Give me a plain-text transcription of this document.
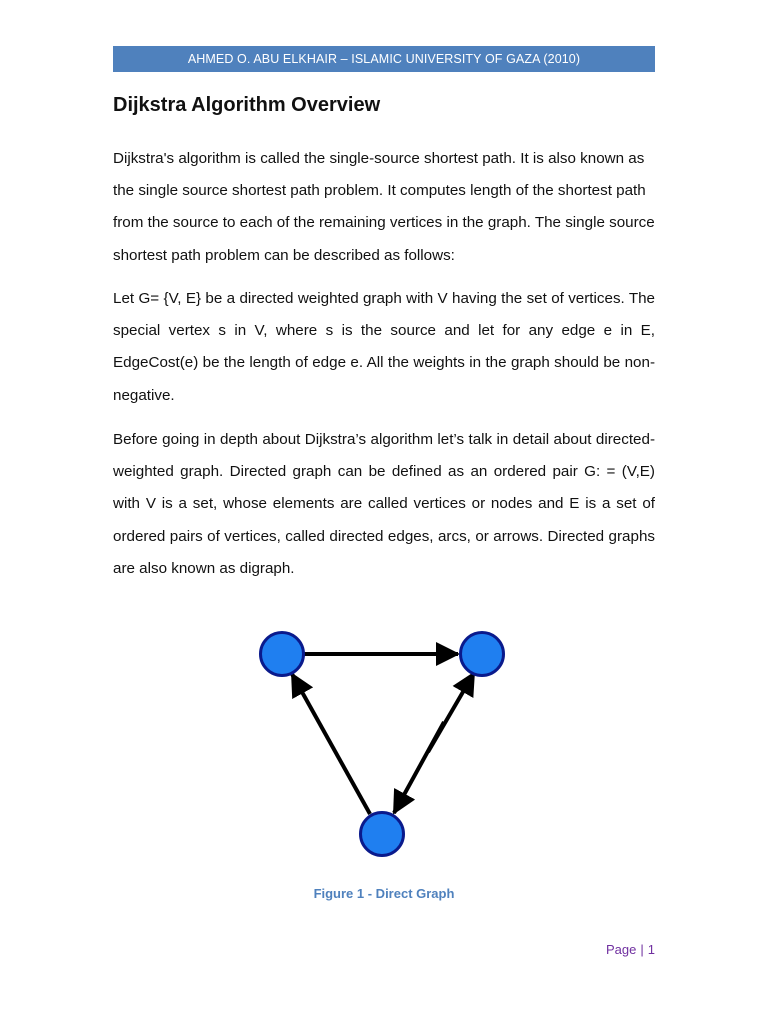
AHMED O. ABU ELKHAIR – ISLAMIC UNIVERSITY OF GAZA (2010)
Dijkstra Algorithm Overview

Dijkstra's algorithm is called the single-source shortest path. It is also known as the single source shortest path problem. It computes length of the shortest path from the source to each of the remaining vertices in the graph. The single source shortest path problem can be described as follows:

Let G= {V, E} be a directed weighted graph with V having the set of vertices. The special vertex s in V, where s is the source and let for any edge e in E, EdgeCost(e) be the length of edge e. All the weights in the graph should be non-negative.

Before going in depth about Dijkstra’s algorithm let’s talk in detail about directed-weighted graph. Directed graph can be defined as an ordered pair G: = (V,E) with V is a set, whose elements are called vertices or nodes and E is a set of ordered pairs of vertices, called directed edges, arcs, or arrows. Directed graphs are also known as digraph.

Figure 1 - Direct Graph
Page | 1
